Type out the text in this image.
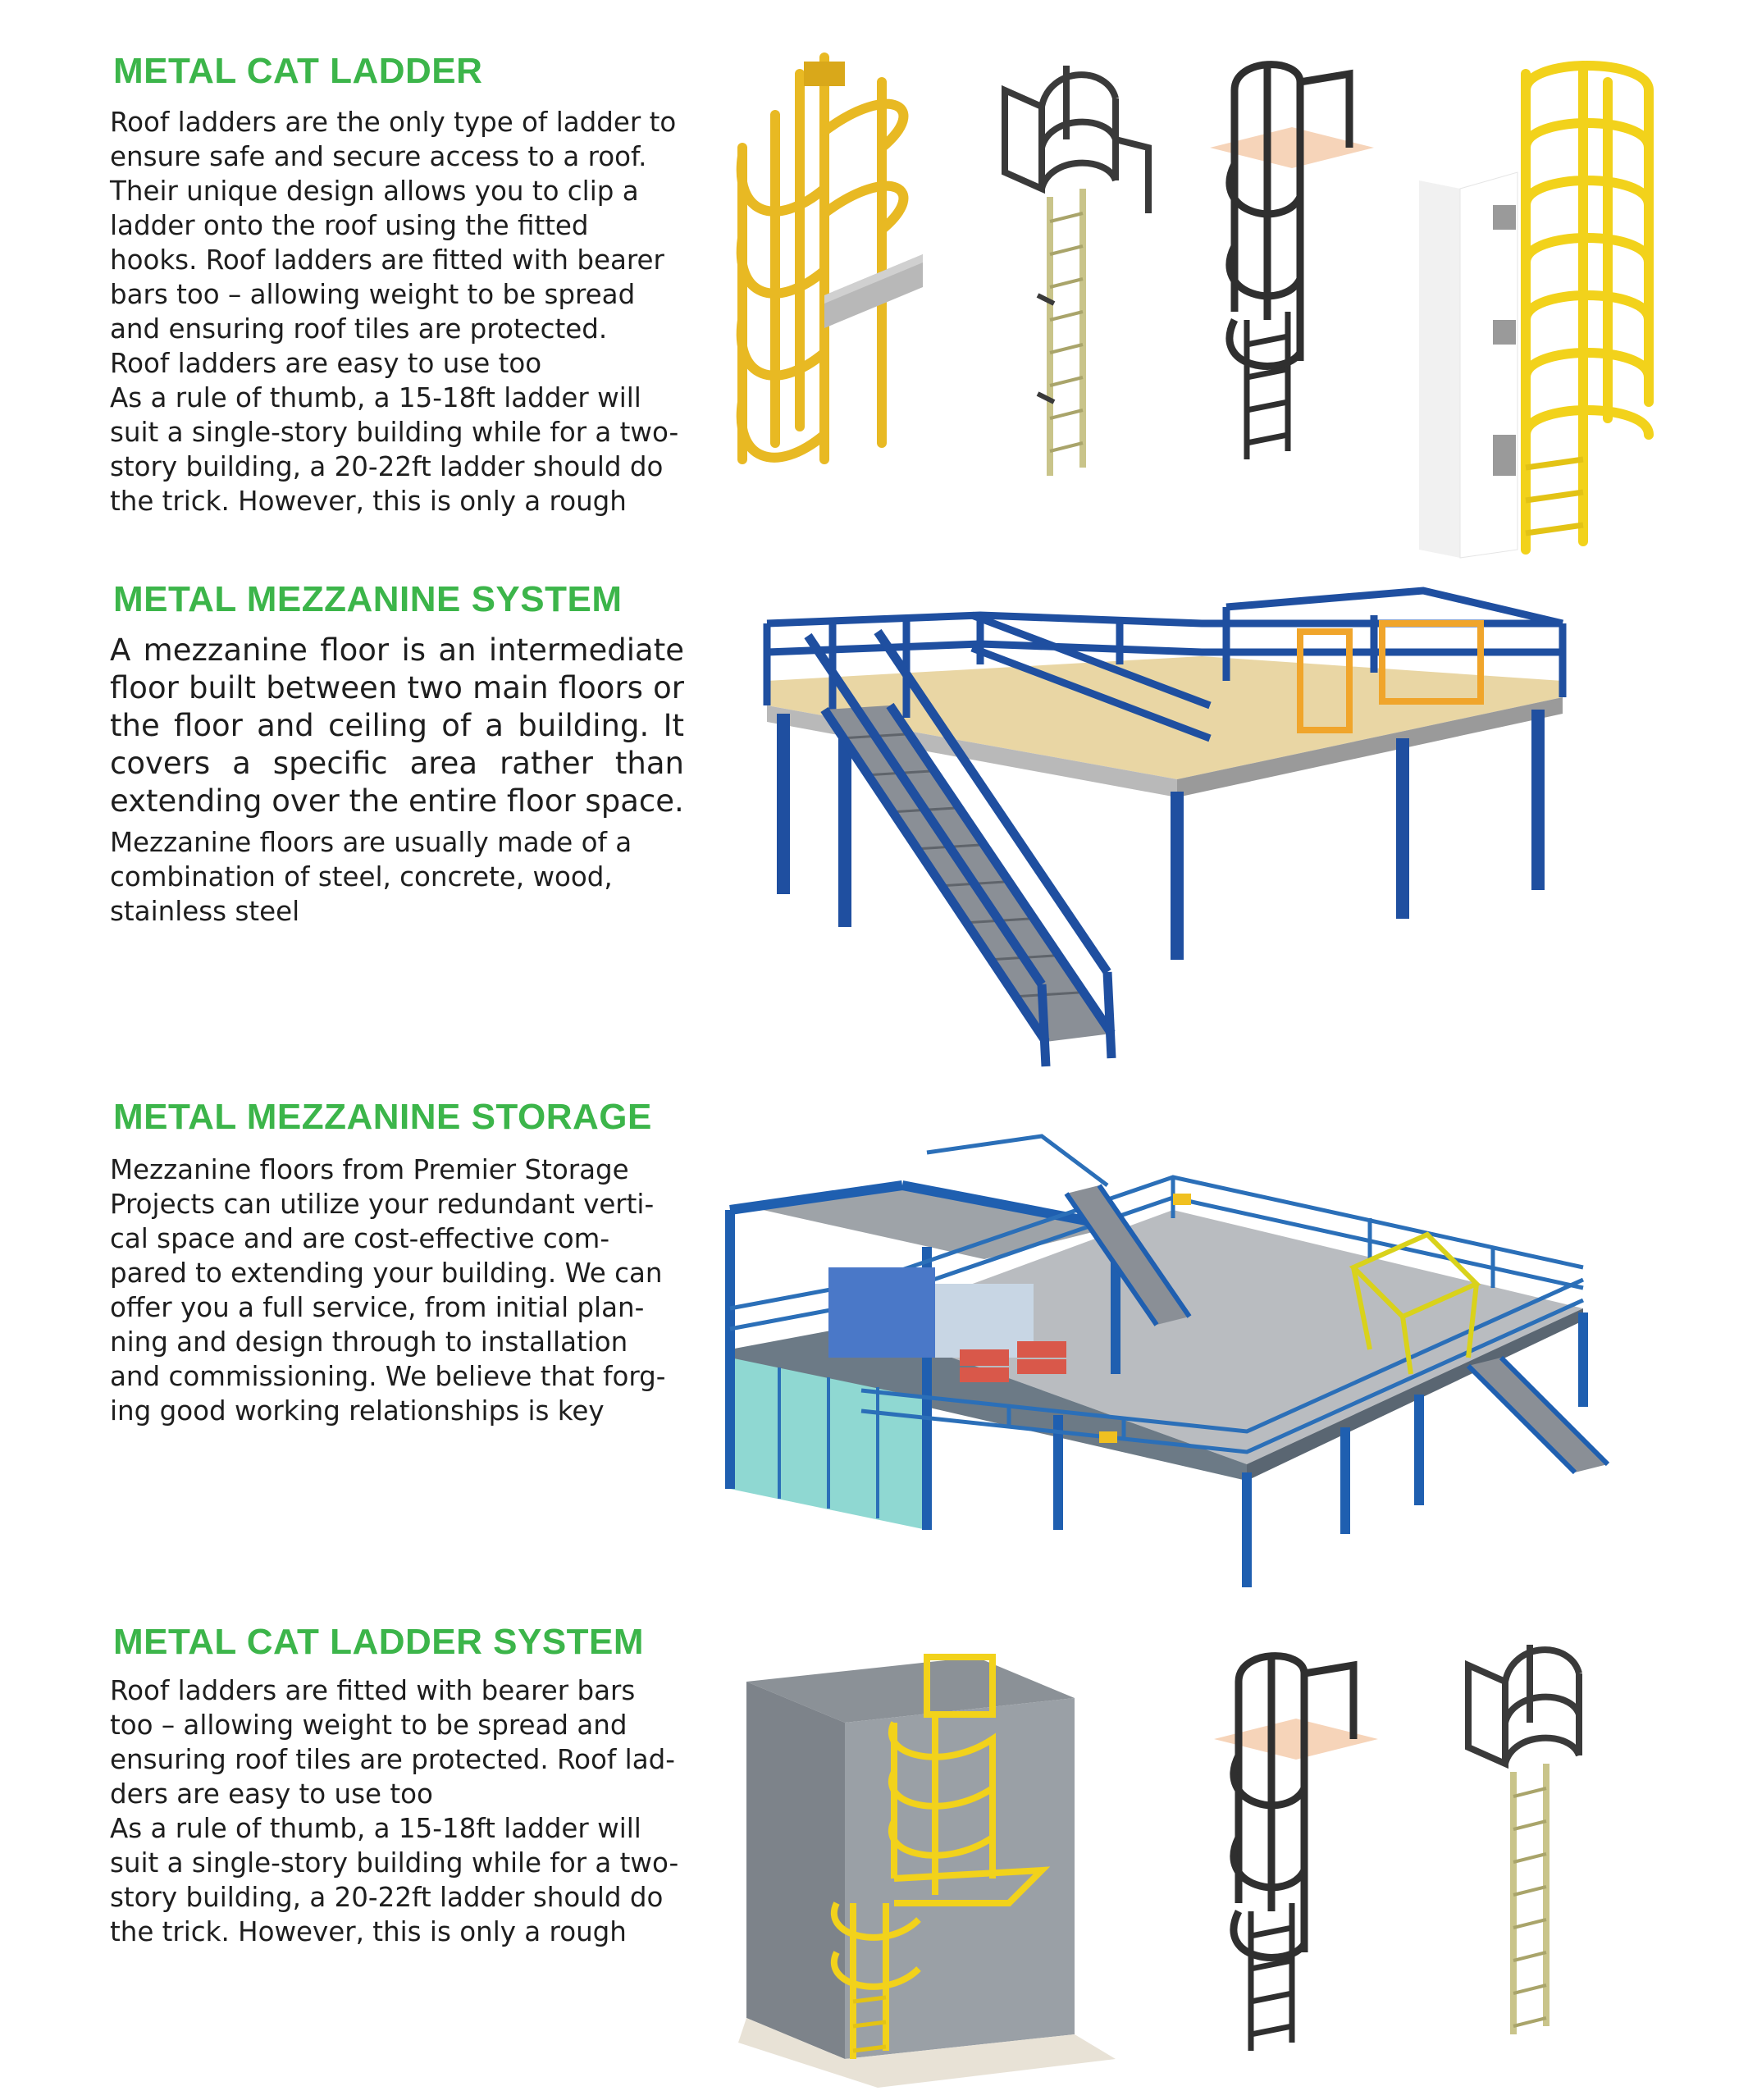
METAL CAT LADDER

Roof ladders are the only type of ladder to
ensure safe and secure access to a roof.
Their unique design allows you to clip a
ladder onto the roof using the fitted
hooks. Roof ladders are fitted with bearer
bars too – allowing weight to be spread
and ensuring roof tiles are protected.
Roof ladders are easy to use too
As a rule of thumb, a 15-18ft ladder will
suit a single-story building while for a two-
story building, a 20-22ft ladder should do
the trick. However, this is only a rough

METAL MEZZANINE SYSTEM

A mezzanine floor is an intermediate floor built between two main floors or the floor and ceiling of a building. It covers a specific area rather than extending over the entire floor space.

Mezzanine floors are usually made of a
combination of steel, concrete, wood,
stainless steel

METAL MEZZANINE STORAGE

Mezzanine floors from Premier Storage
Projects can utilize your redundant verti-
cal space and are cost-effective com-
pared to extending your building. We can
offer you a full service, from initial plan-
ning and design through to installation
and commissioning. We believe that forg-
ing good working relationships is key

METAL CAT LADDER SYSTEM

Roof ladders are fitted with bearer bars
too – allowing weight to be spread and
ensuring roof tiles are protected. Roof lad-
ders are easy to use too
As a rule of thumb, a 15-18ft ladder will
suit a single-story building while for a two-
story building, a 20-22ft ladder should do
the trick. However, this is only a rough
